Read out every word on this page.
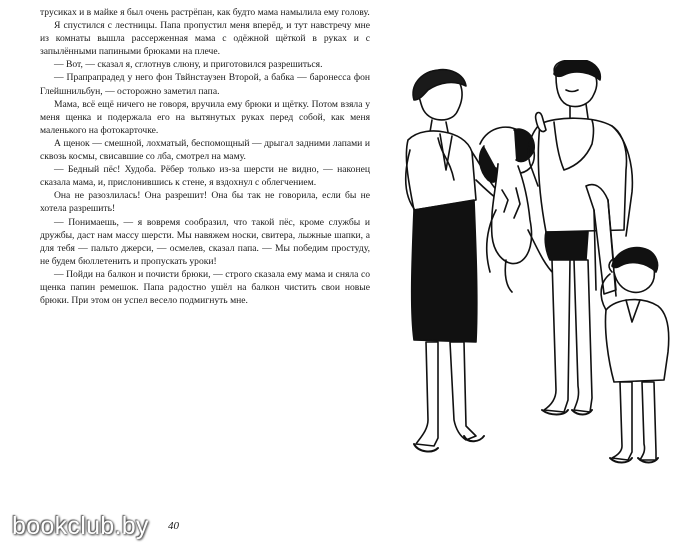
трусиках и в майке я был очень растрёпан, как будто мама намылила ему голову.

Я спустился с лестницы. Папа пропустил меня вперёд, и тут навстречу мне из комнаты вышла рассерженная мама с одёжной щёткой в руках и с запылёнными папиными брюками на плече.

— Вот, — сказал я, сглотнув слюну, и приготовился разрешиться.

— Прапрапрадед у него фон Твйнстаузен Второй, а бабка — баронесса фон Глейшнильбун, — осторожно заметил папа.

Мама, всё ещё ничего не говоря, вручила ему брюки и щётку. Потом взяла у меня щенка и подержала его на вытянутых руках перед собой, как меня маленького на фотокарточке.

А щенок — смешной, лохматый, беспомощный — дрыгал задними лапами и сквозь космы, свисавшие со лба, смотрел на маму.

— Бедный пёс! Худоба. Рёбер только из-за шерсти не видно, — наконец сказала мама, и, прислонившись к стене, я вздохнул с облегчением.

Она не разозлилась! Она разрешит! Она бы так не говорила, если бы не хотела разрешить!

— Понимаешь, — я вовремя сообразил, что такой пёс, кроме службы и дружбы, даст нам массу шерсти. Мы навяжем носки, свитера, лыжные шапки, а для тебя — пальто джерси, — осмелев, сказал папа. — Мы победим простуду, не будем бюллетенить и пропускать уроки!

— Пойди на балкон и почисти брюки, — строго сказала ему мама и сняла со щенка папин ремешок. Папа радостно ушёл на балкон чистить свои новые брюки. При этом он успел весело подмигнуть мне.

40
bookclub.by
